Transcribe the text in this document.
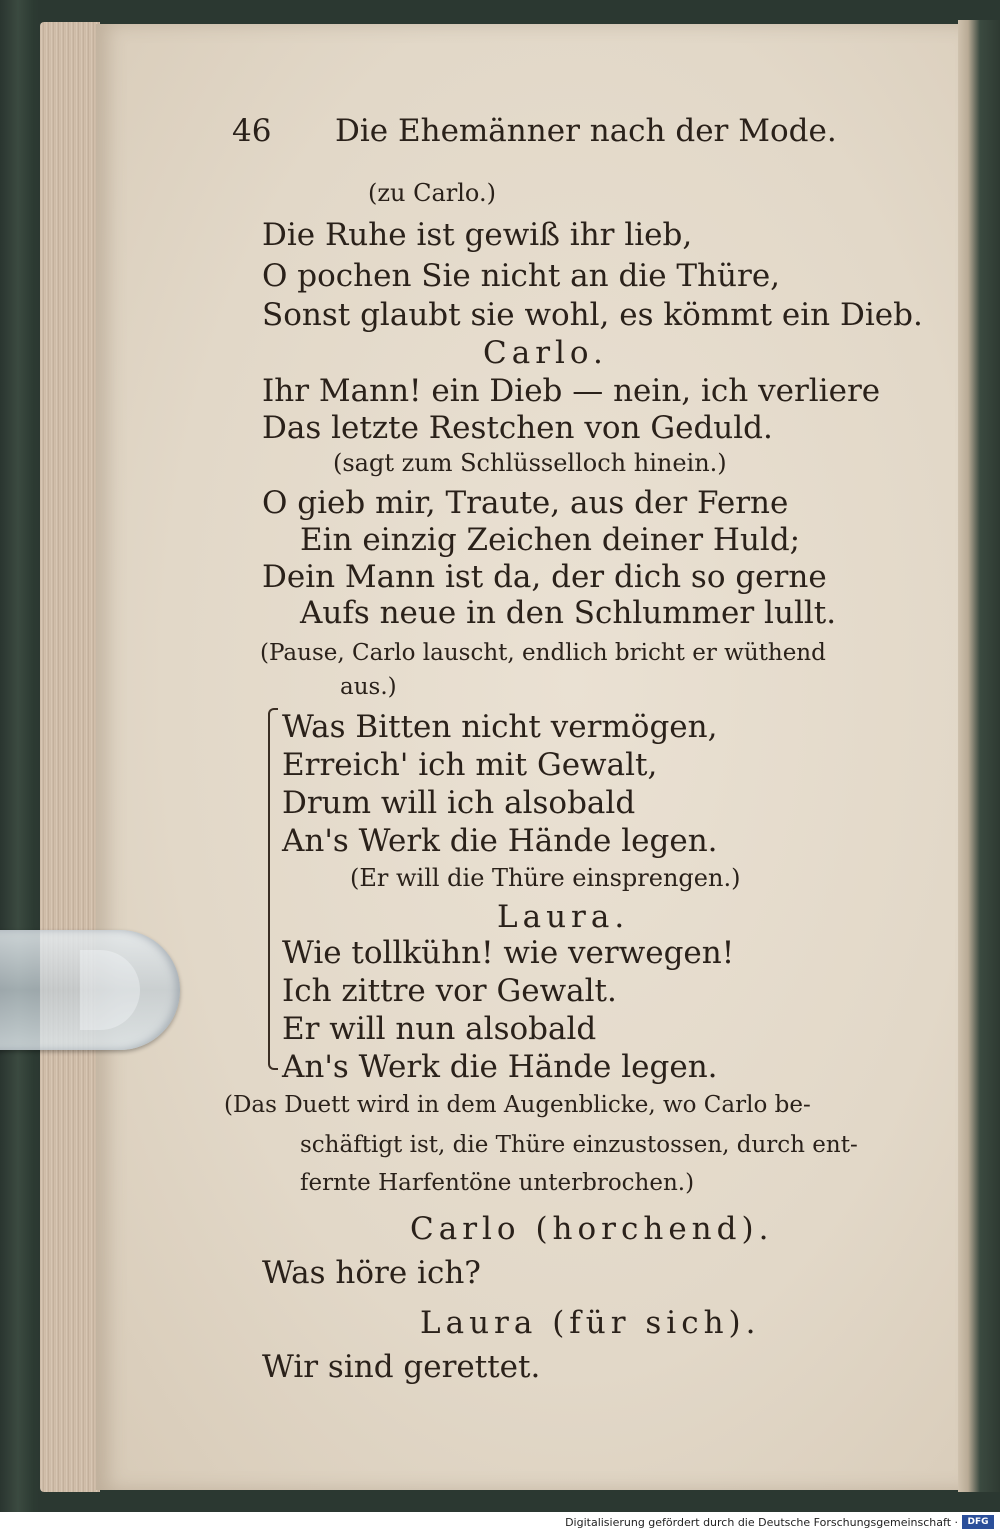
46 Die Ehemänner nach der Mode.
(zu Carlo.)
Die Ruhe ist gewiß ihr lieb,
O pochen Sie nicht an die Thüre,
Sonst glaubt sie wohl, es kömmt ein Dieb.
Carlo.
Ihr Mann! ein Dieb — nein, ich verliere
Das letzte Restchen von Geduld.
(sagt zum Schlüsselloch hinein.)
O gieb mir, Traute, aus der Ferne
Ein einzig Zeichen deiner Huld;
Dein Mann ist da, der dich so gerne
Aufs neue in den Schlummer lullt.
(Pause, Carlo lauscht, endlich bricht er wüthend
aus.)
Was Bitten nicht vermögen,
Erreich' ich mit Gewalt,
Drum will ich alsobald
An's Werk die Hände legen.
(Er will die Thüre einsprengen.)
Laura.
Wie tollkühn! wie verwegen!
Ich zittre vor Gewalt.
Er will nun alsobald
An's Werk die Hände legen.
(Das Duett wird in dem Augenblicke, wo Carlo be-
schäftigt ist, die Thüre einzustossen, durch ent-
fernte Harfentöne unterbrochen.)
Carlo (horchend).
Was höre ich?
Laura (für sich).
Wir sind gerettet.
Digitalisierung gefördert durch die Deutsche Forschungsgemeinschaft ·	DFG
